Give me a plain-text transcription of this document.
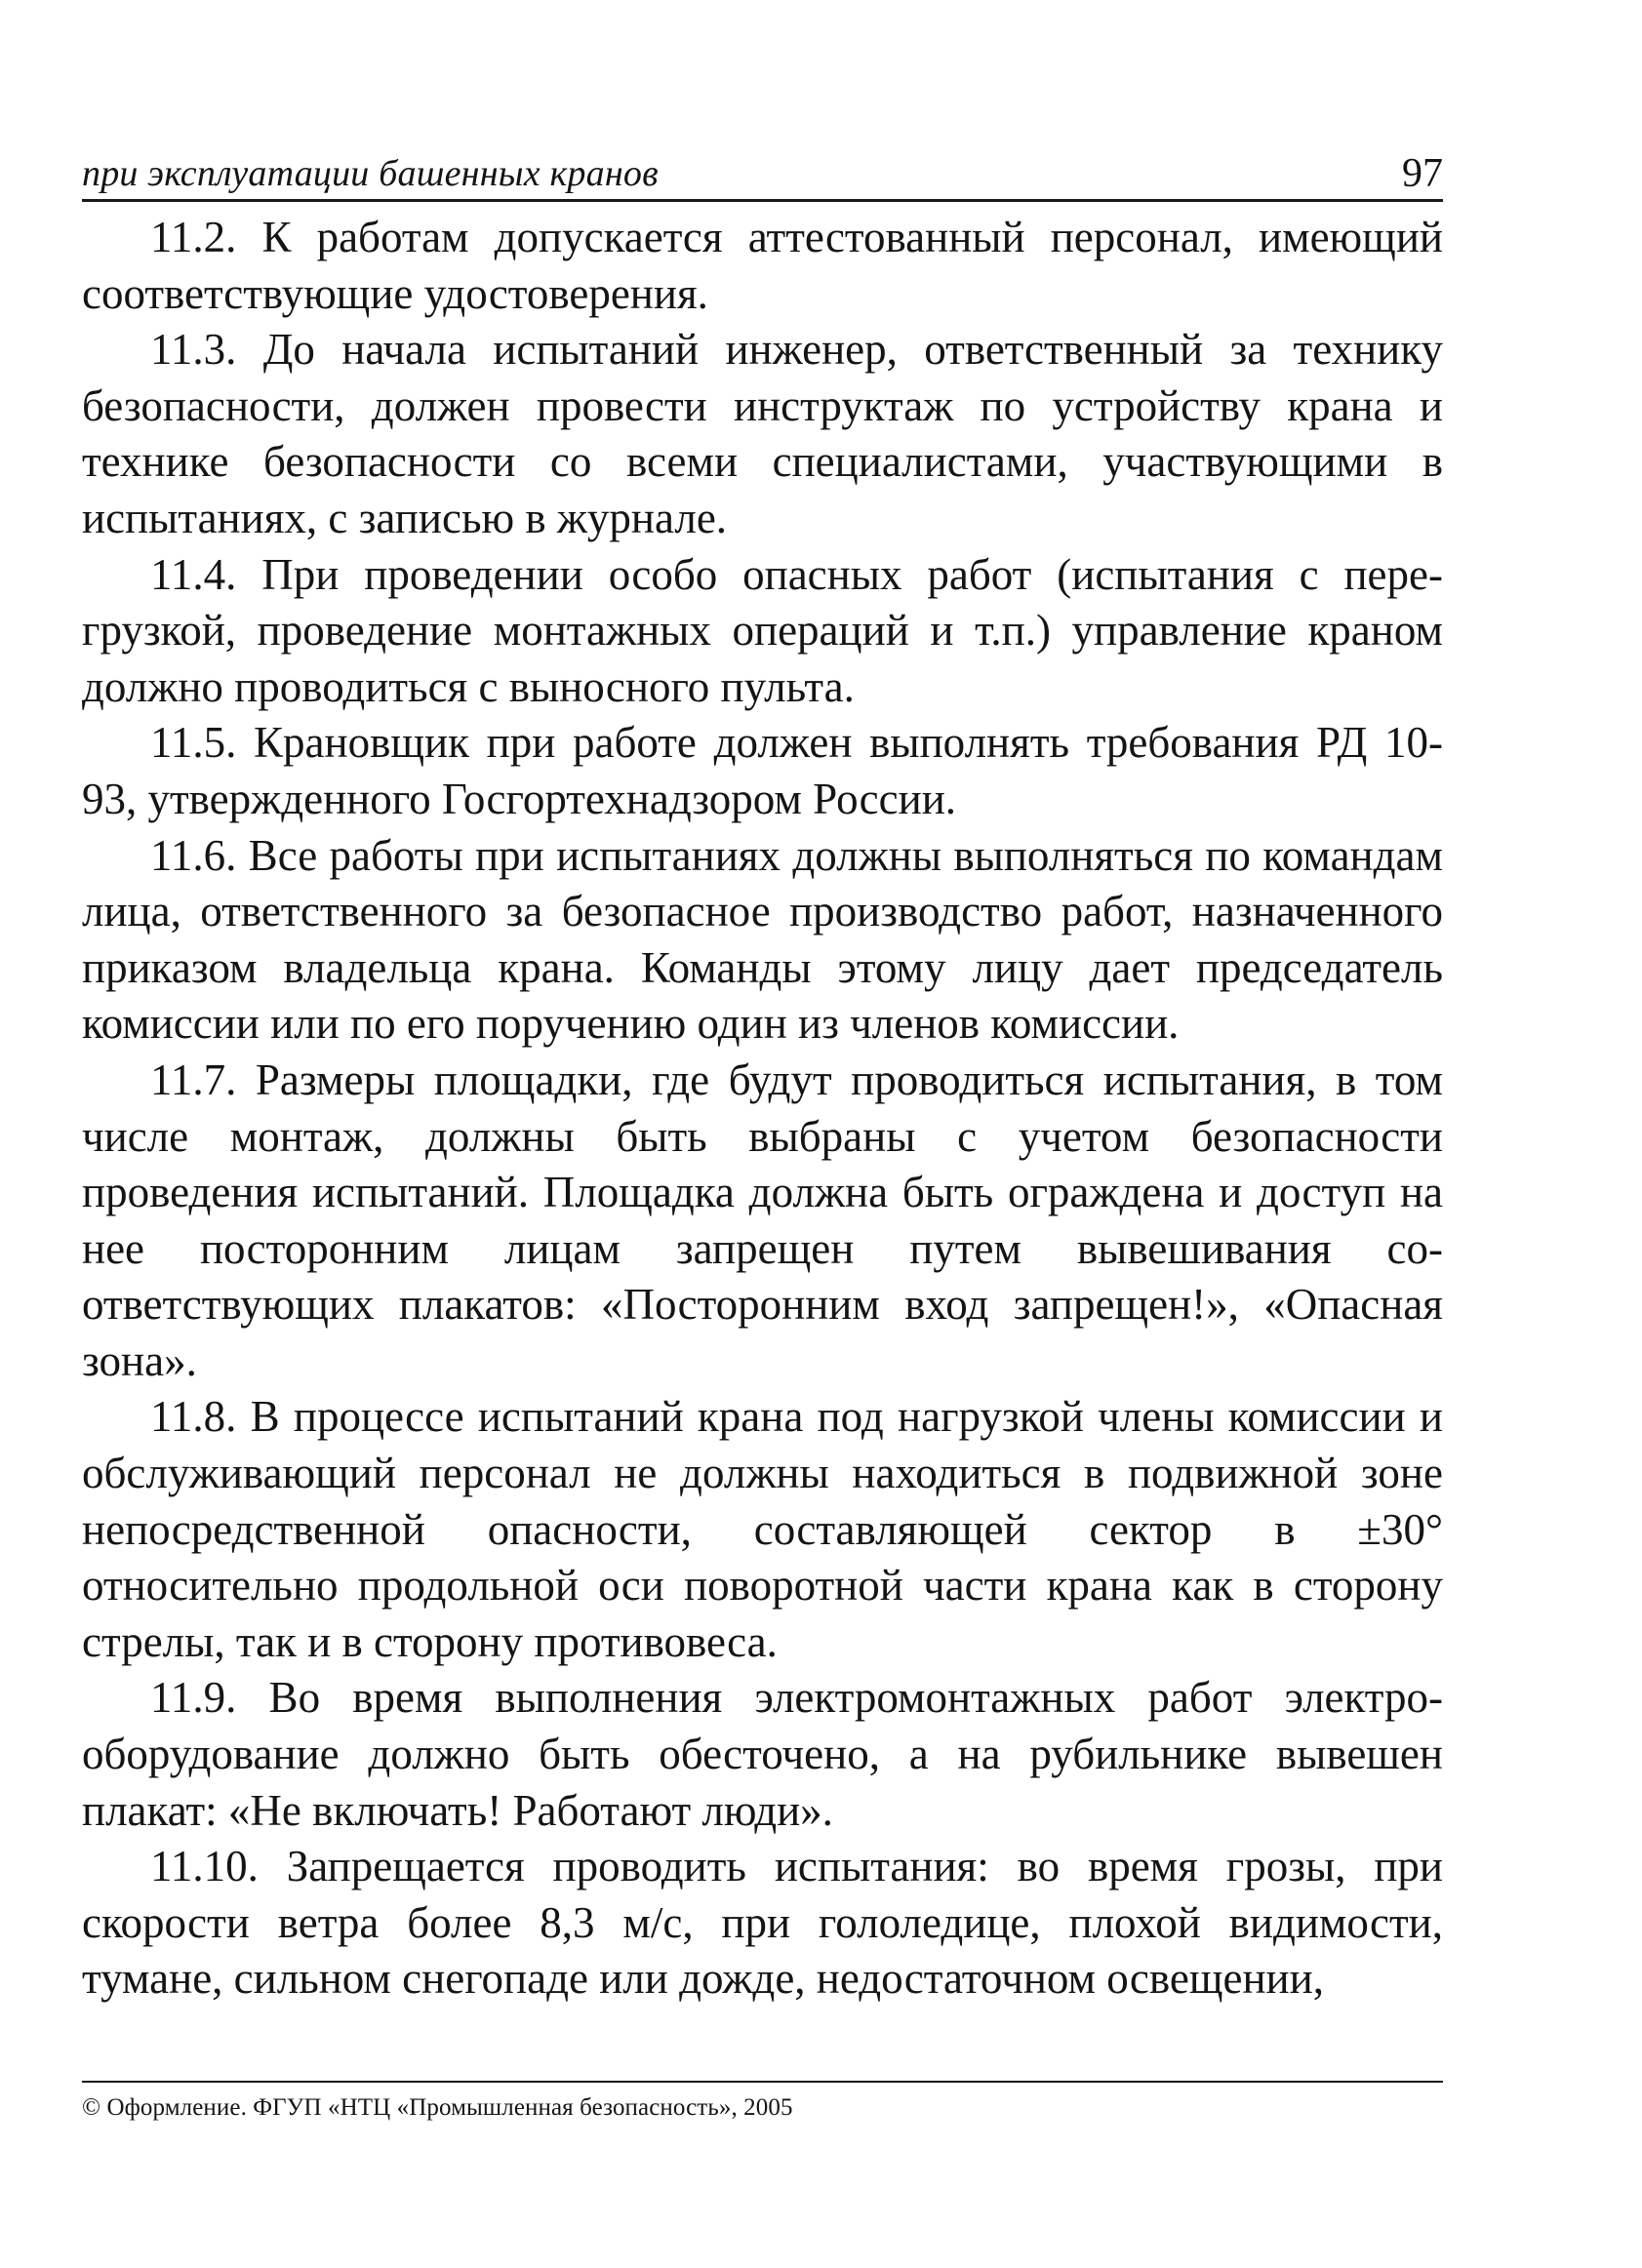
при эксплуатации башенных кранов	97

11.2. К работам допускается аттестованный персонал, имеющий соответствующие удостоверения.

11.3. До начала испытаний инженер, ответственный за технику безопасности, должен провести инструктаж по устройству крана и технике безопасности со всеми специалистами, участвующими в испытаниях, с записью в журнале.

11.4. При проведении особо опасных работ (испытания с перегрузкой, проведение монтажных операций и т.п.) управление краном должно проводиться с выносного пульта.

11.5. Крановщик при работе должен выполнять требования РД 10-93, утвержденного Госгортехнадзором России.

11.6. Все работы при испытаниях должны выполняться по командам лица, ответственного за безопасное производство работ, назначенного приказом владельца крана. Команды этому лицу дает председатель комиссии или по его поручению один из членов комиссии.

11.7. Размеры площадки, где будут проводиться испытания, в том числе монтаж, должны быть выбраны с учетом безопасности проведения испытаний. Площадка должна быть ограждена и доступ на нее посторонним лицам запрещен путем вывешивания соответствующих плакатов: «Посторонним вход запрещен!», «Опасная зона».

11.8. В процессе испытаний крана под нагрузкой члены комиссии и обслуживающий персонал не должны находиться в подвижной зоне непосредственной опасности, составляющей сектор в ±30° относительно продольной оси поворотной части крана как в сторону стрелы, так и в сторону противовеса.

11.9. Во время выполнения электромонтажных работ электрооборудование должно быть обесточено, а на рубильнике вывешен плакат: «Не включать! Работают люди».

11.10. Запрещается проводить испытания: во время грозы, при скорости ветра более 8,3 м/с, при гололедице, плохой видимости, тумане, сильном снегопаде или дожде, недостаточном освещении,

© Оформление. ФГУП «НТЦ «Промышленная безопасность», 2005
